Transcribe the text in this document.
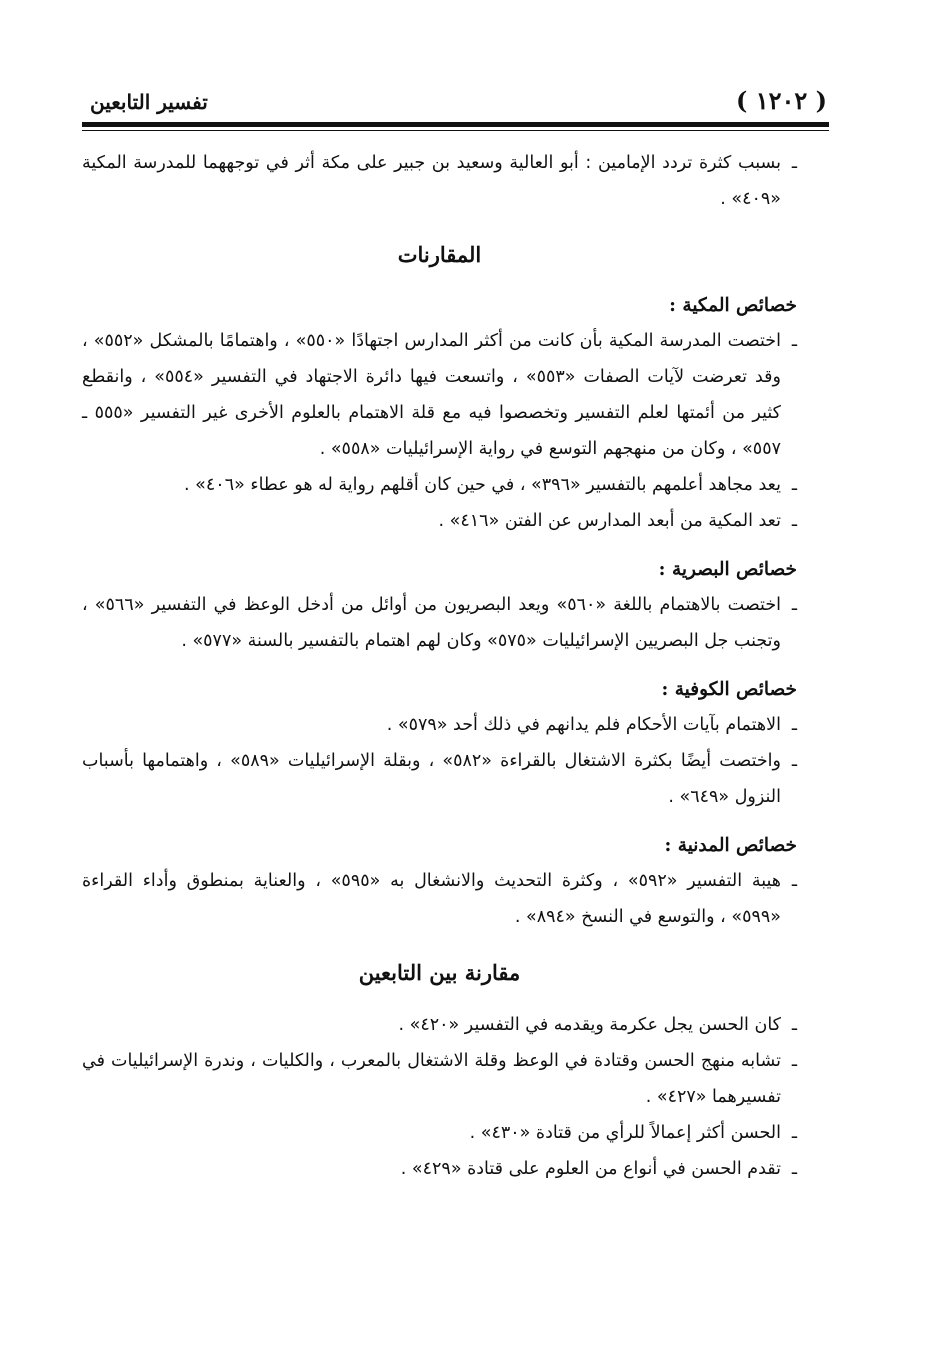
( ١٢٠٢ )
تفسير التابعين

ـ
بسبب كثرة تردد الإمامين : أبو العالية وسعيد بن جبير على مكة أثر في توجههما للمدرسة المكية «٤٠٩» .

المقارنات
خصائص المكية :

ـ
اختصت المدرسة المكية بأن كانت من أكثر المدارس اجتهادًا «٥٥٠» ، واهتمامًا بالمشكل «٥٥٢» ، وقد تعرضت لآيات الصفات «٥٥٣» ، واتسعت فيها دائرة الاجتهاد في التفسير «٥٥٤» ، وانقطع كثير من أئمتها لعلم التفسير وتخصصوا فيه مع قلة الاهتمام بالعلوم الأخرى غير التفسير «٥٥٥ ـ ٥٥٧» ، وكان من منهجهم التوسع في رواية الإسرائيليات «٥٥٨» .

ـ
يعد مجاهد أعلمهم بالتفسير «٣٩٦» ، في حين كان أقلهم رواية له هو عطاء «٤٠٦» .

ـ
تعد المكية من أبعد المدارس عن الفتن «٤١٦» .

خصائص البصرية :

ـ
اختصت بالاهتمام باللغة «٥٦٠» ويعد البصريون من أوائل من أدخل الوعظ في التفسير «٥٦٦» ، وتجنب جل البصريين الإسرائيليات «٥٧٥» وكان لهم اهتمام بالتفسير بالسنة «٥٧٧» .

خصائص الكوفية :

ـ
الاهتمام بآيات الأحكام فلم يدانهم في ذلك أحد «٥٧٩» .

ـ
واختصت أيضًا بكثرة الاشتغال بالقراءة «٥٨٢» ، وبقلة الإسرائيليات «٥٨٩» ، واهتمامها بأسباب النزول «٦٤٩» .

خصائص المدنية :

ـ
هيبة التفسير «٥٩٢» ، وكثرة التحديث والانشغال به «٥٩٥» ، والعناية بمنطوق وأداء القراءة «٥٩٩» ، والتوسع في النسخ «٨٩٤» .

مقارنة بين التابعين

ـ
كان الحسن يجل عكرمة ويقدمه في التفسير «٤٢٠» .

ـ
تشابه منهج الحسن وقتادة في الوعظ وقلة الاشتغال بالمعرب ، والكليات ، وندرة الإسرائيليات في تفسيرهما «٤٢٧» .

ـ
الحسن أكثر إعمالاً للرأي من قتادة «٤٣٠» .

ـ
تقدم الحسن في أنواع من العلوم على قتادة «٤٢٩» .
